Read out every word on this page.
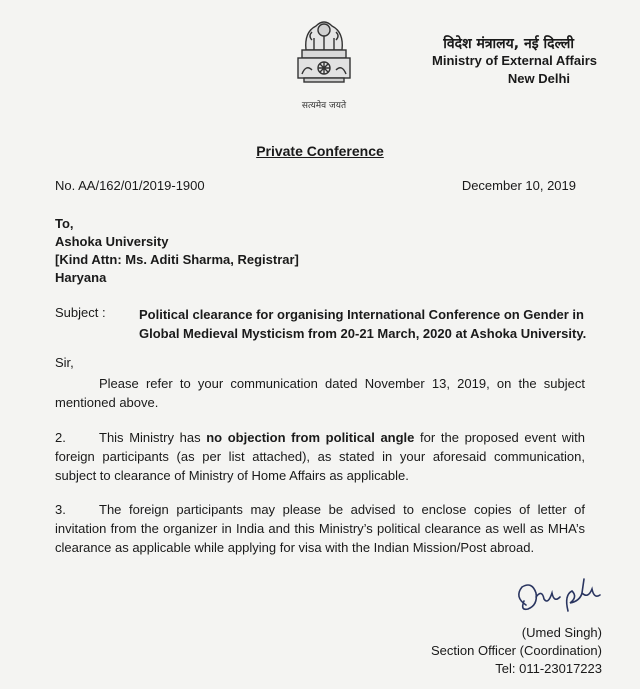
सत्यमेव जयते
विदेश मंत्रालय, नई दिल्ली
Ministry of External Affairs
New Delhi
Private Conference
No. AA/162/01/2019-1900	December 10, 2019
To,
Ashoka University
[Kind Attn: Ms. Aditi Sharma, Registrar]
Haryana
Subject :	Political clearance for organising International Conference on Gender in Global Medieval Mysticism from 20-21 March, 2020 at Ashoka University.
Sir,
Please refer to your communication dated November 13, 2019, on the subject mentioned above.
2.	This Ministry has no objection from political angle for the proposed event with foreign participants (as per list attached), as stated in your aforesaid communication, subject to clearance of Ministry of Home Affairs as applicable.
3.	The foreign participants may please be advised to enclose copies of letter of invitation from the organizer in India and this Ministry’s political clearance as well as MHA’s clearance as applicable while applying for visa with the Indian Mission/Post abroad.
(Umed Singh)
Section Officer (Coordination)
Tel: 011-23017223
